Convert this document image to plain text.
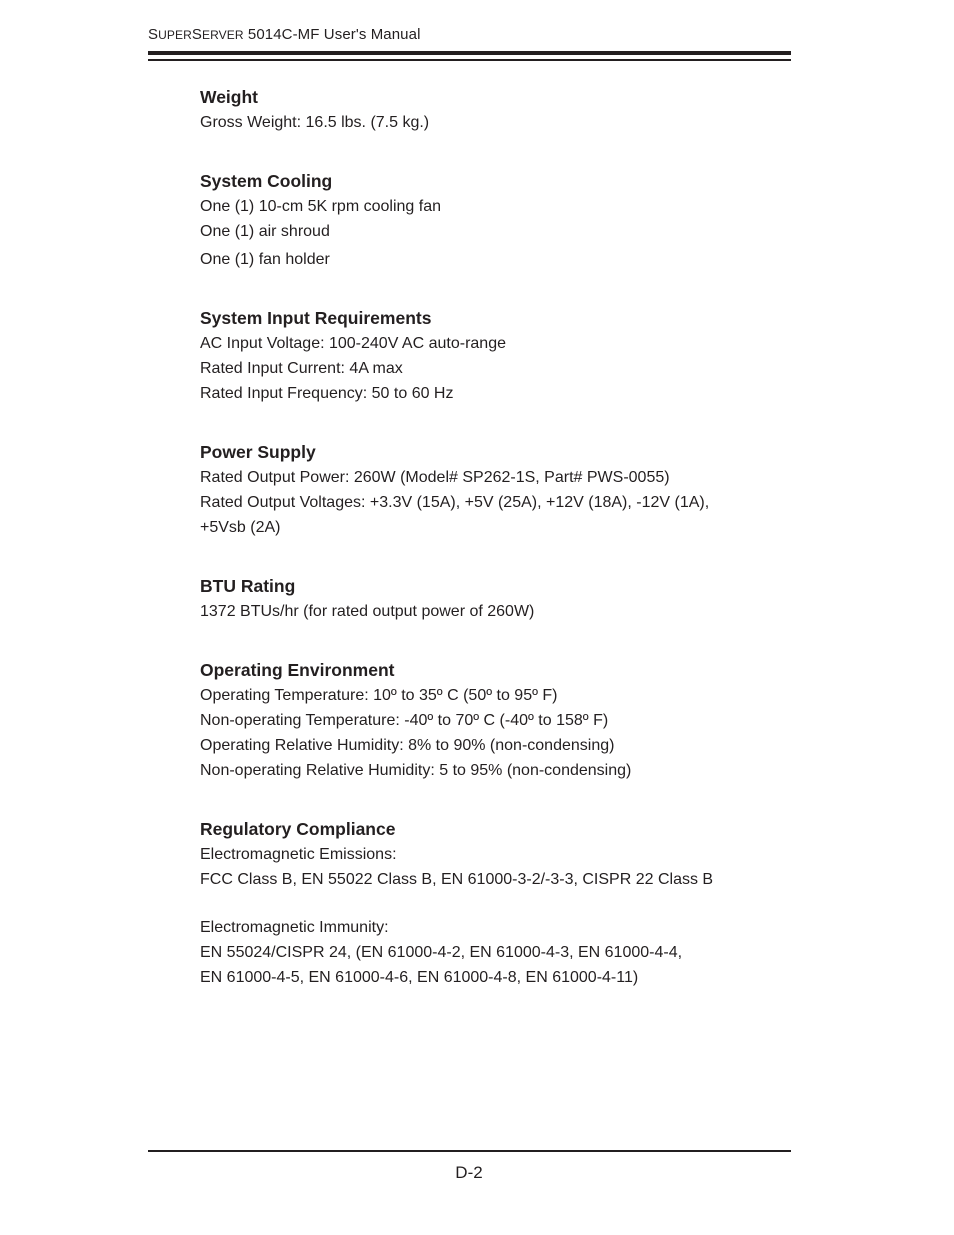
SUPERSERVER 5014C-MF User's Manual
Weight
Gross Weight: 16.5 lbs. (7.5 kg.)
System Cooling
One (1) 10-cm 5K rpm cooling fan
One (1) air shroud
One (1) fan holder
System Input Requirements
AC Input Voltage: 100-240V AC auto-range
Rated Input Current: 4A max
Rated Input Frequency: 50 to 60 Hz
Power Supply
Rated Output Power: 260W (Model# SP262-1S, Part# PWS-0055)
Rated Output Voltages: +3.3V (15A), +5V (25A), +12V (18A), -12V (1A),
+5Vsb (2A)
BTU Rating
1372 BTUs/hr (for rated output power of 260W)
Operating Environment
Operating Temperature: 10º to 35º C (50º to 95º F)
Non-operating Temperature: -40º to 70º C (-40º to 158º F)
Operating Relative Humidity: 8% to 90% (non-condensing)
Non-operating Relative Humidity: 5 to 95% (non-condensing)
Regulatory Compliance
Electromagnetic Emissions:
FCC Class B, EN 55022 Class B, EN 61000-3-2/-3-3, CISPR 22 Class B
Electromagnetic Immunity:
EN 55024/CISPR 24, (EN 61000-4-2, EN 61000-4-3, EN 61000-4-4,
EN 61000-4-5, EN 61000-4-6, EN 61000-4-8, EN 61000-4-11)
D-2
